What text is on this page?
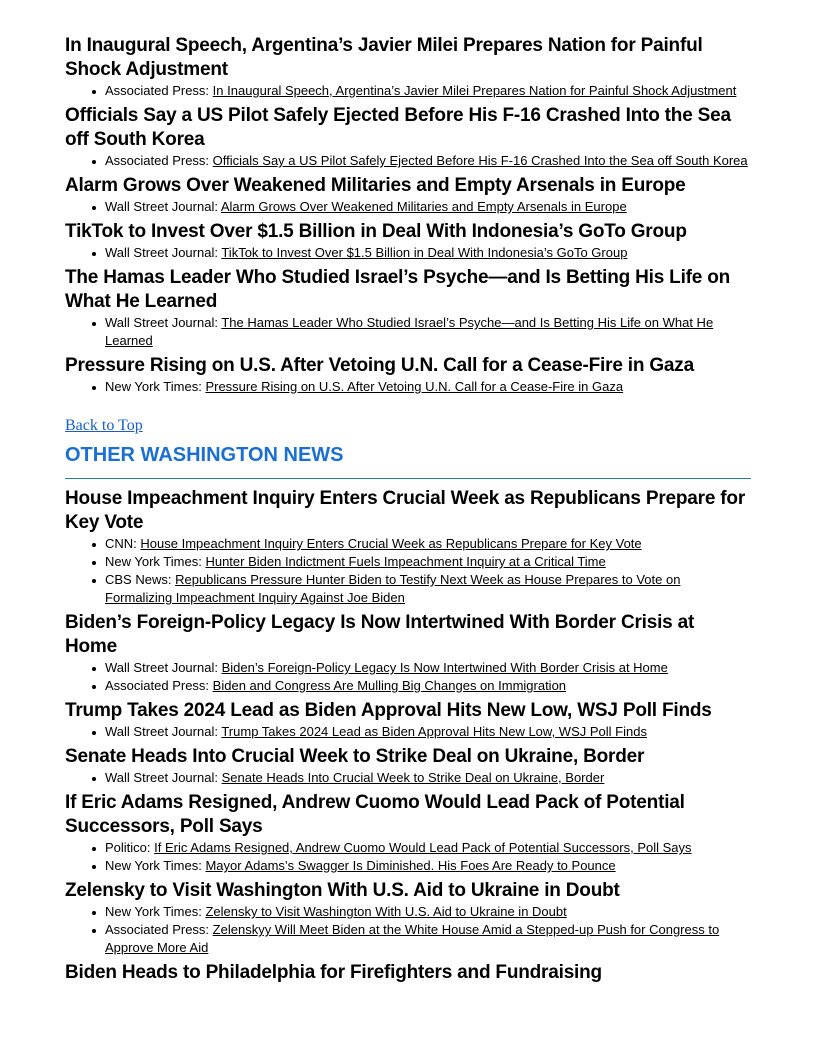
In Inaugural Speech, Argentina’s Javier Milei Prepares Nation for Painful Shock Adjustment
Associated Press: In Inaugural Speech, Argentina’s Javier Milei Prepares Nation for Painful Shock Adjustment
Officials Say a US Pilot Safely Ejected Before His F-16 Crashed Into the Sea off South Korea
Associated Press: Officials Say a US Pilot Safely Ejected Before His F-16 Crashed Into the Sea off South Korea
Alarm Grows Over Weakened Militaries and Empty Arsenals in Europe
Wall Street Journal: Alarm Grows Over Weakened Militaries and Empty Arsenals in Europe
TikTok to Invest Over $1.5 Billion in Deal With Indonesia’s GoTo Group
Wall Street Journal: TikTok to Invest Over $1.5 Billion in Deal With Indonesia’s GoTo Group
The Hamas Leader Who Studied Israel’s Psyche—and Is Betting His Life on What He Learned
Wall Street Journal: The Hamas Leader Who Studied Israel’s Psyche—and Is Betting His Life on What He Learned
Pressure Rising on U.S. After Vetoing U.N. Call for a Cease-Fire in Gaza
New York Times: Pressure Rising on U.S. After Vetoing U.N. Call for a Cease-Fire in Gaza
Back to Top
OTHER WASHINGTON NEWS
House Impeachment Inquiry Enters Crucial Week as Republicans Prepare for Key Vote
CNN: House Impeachment Inquiry Enters Crucial Week as Republicans Prepare for Key Vote
New York Times: Hunter Biden Indictment Fuels Impeachment Inquiry at a Critical Time
CBS News: Republicans Pressure Hunter Biden to Testify Next Week as House Prepares to Vote on Formalizing Impeachment Inquiry Against Joe Biden
Biden’s Foreign-Policy Legacy Is Now Intertwined With Border Crisis at Home
Wall Street Journal: Biden’s Foreign-Policy Legacy Is Now Intertwined With Border Crisis at Home
Associated Press: Biden and Congress Are Mulling Big Changes on Immigration
Trump Takes 2024 Lead as Biden Approval Hits New Low, WSJ Poll Finds
Wall Street Journal: Trump Takes 2024 Lead as Biden Approval Hits New Low, WSJ Poll Finds
Senate Heads Into Crucial Week to Strike Deal on Ukraine, Border
Wall Street Journal: Senate Heads Into Crucial Week to Strike Deal on Ukraine, Border
If Eric Adams Resigned, Andrew Cuomo Would Lead Pack of Potential Successors, Poll Says
Politico: If Eric Adams Resigned, Andrew Cuomo Would Lead Pack of Potential Successors, Poll Says
New York Times: Mayor Adams’s Swagger Is Diminished. His Foes Are Ready to Pounce
Zelensky to Visit Washington With U.S. Aid to Ukraine in Doubt
New York Times: Zelensky to Visit Washington With U.S. Aid to Ukraine in Doubt
Associated Press: Zelenskyy Will Meet Biden at the White House Amid a Stepped-up Push for Congress to Approve More Aid
Biden Heads to Philadelphia for Firefighters and Fundraising
